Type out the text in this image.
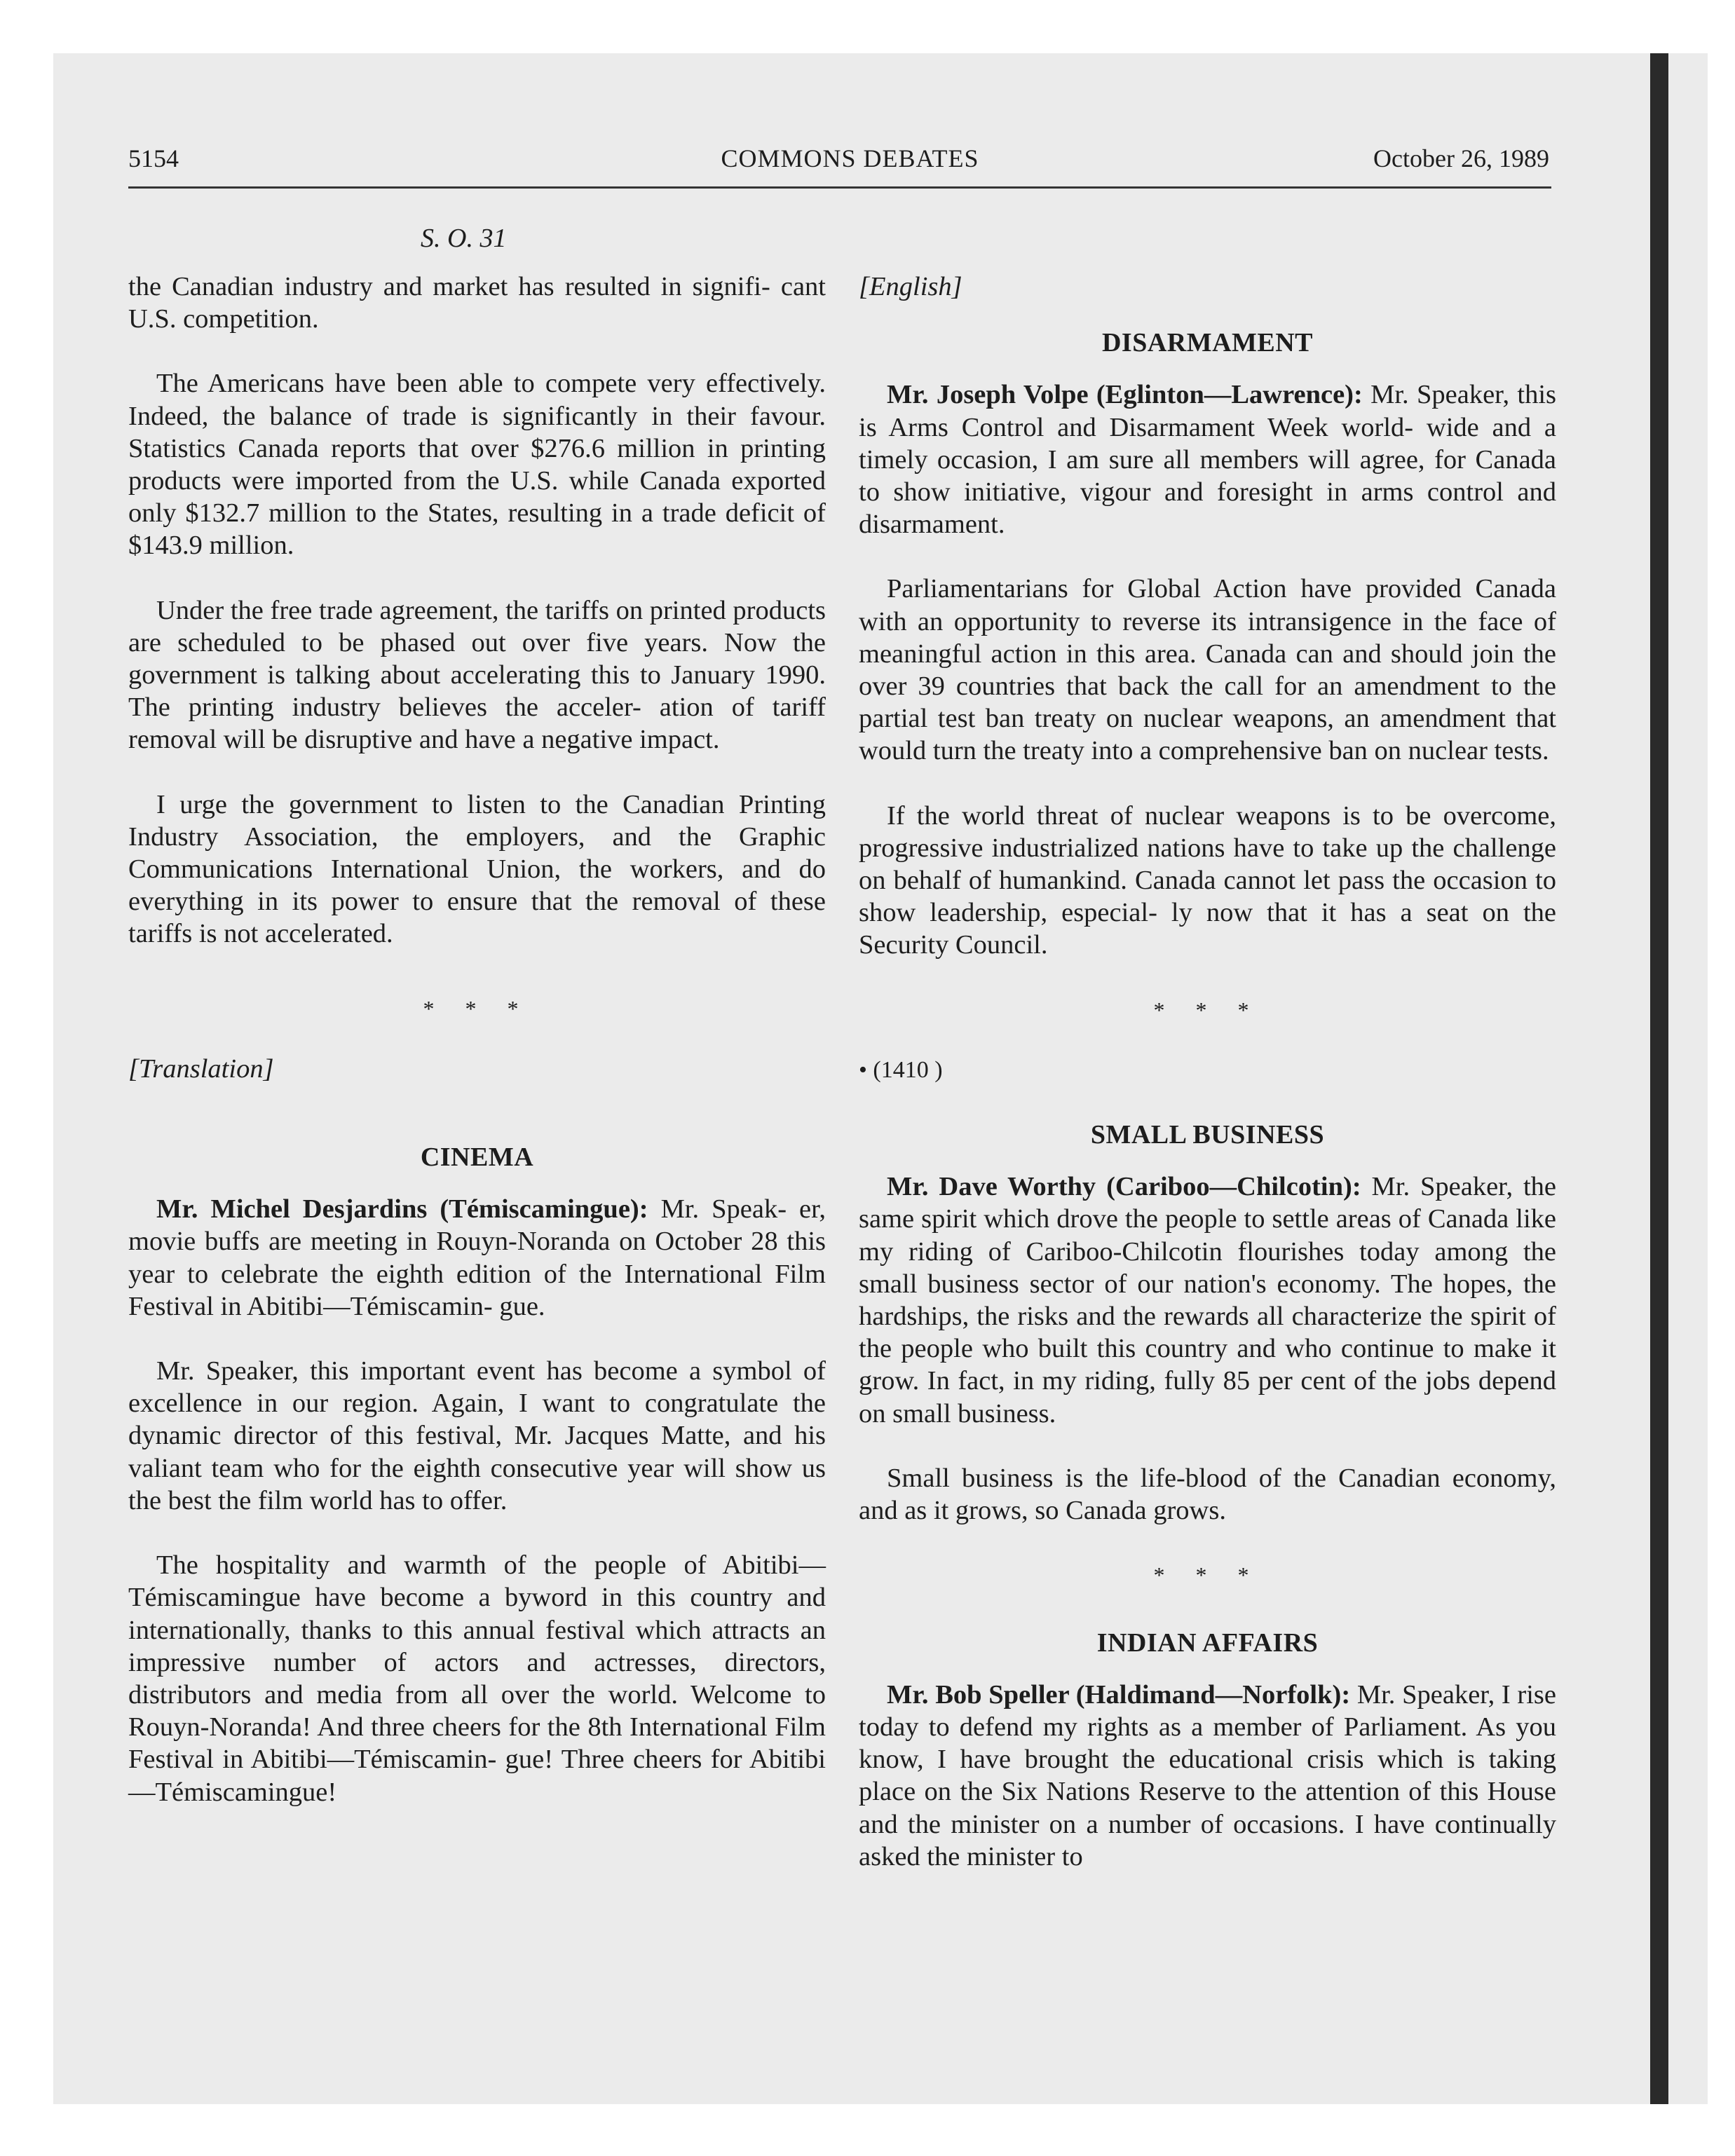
5154	COMMONS DEBATES	October 26, 1989
S. O. 31

the Canadian industry and market has resulted in signifi- cant U.S. competition.

The Americans have been able to compete very effectively. Indeed, the balance of trade is significantly in their favour. Statistics Canada reports that over $276.6 million in printing products were imported from the U.S. while Canada exported only $132.7 million to the States, resulting in a trade deficit of $143.9 million.

Under the free trade agreement, the tariffs on printed products are scheduled to be phased out over five years. Now the government is talking about accelerating this to January 1990. The printing industry believes the acceler- ation of tariff removal will be disruptive and have a negative impact.

I urge the government to listen to the Canadian Printing Industry Association, the employers, and the Graphic Communications International Union, the workers, and do everything in its power to ensure that the removal of these tariffs is not accelerated.

* * *

[Translation]

CINEMA

Mr. Michel Desjardins (Témiscamingue): Mr. Speak- er, movie buffs are meeting in Rouyn-Noranda on October 28 this year to celebrate the eighth edition of the International Film Festival in Abitibi—Témiscamin- gue.

Mr. Speaker, this important event has become a symbol of excellence in our region. Again, I want to congratulate the dynamic director of this festival, Mr. Jacques Matte, and his valiant team who for the eighth consecutive year will show us the best the film world has to offer.

The hospitality and warmth of the people of Abitibi— Témiscamingue have become a byword in this country and internationally, thanks to this annual festival which attracts an impressive number of actors and actresses, directors, distributors and media from all over the world. Welcome to Rouyn-Noranda! And three cheers for the 8th International Film Festival in Abitibi—Témiscamin- gue! Three cheers for Abitibi—Témiscamingue!

[English]

DISARMAMENT

Mr. Joseph Volpe (Eglinton—Lawrence): Mr. Speaker, this is Arms Control and Disarmament Week world- wide and a timely occasion, I am sure all members will agree, for Canada to show initiative, vigour and foresight in arms control and disarmament.

Parliamentarians for Global Action have provided Canada with an opportunity to reverse its intransigence in the face of meaningful action in this area. Canada can and should join the over 39 countries that back the call for an amendment to the partial test ban treaty on nuclear weapons, an amendment that would turn the treaty into a comprehensive ban on nuclear tests.

If the world threat of nuclear weapons is to be overcome, progressive industrialized nations have to take up the challenge on behalf of humankind. Canada cannot let pass the occasion to show leadership, especial- ly now that it has a seat on the Security Council.

* * *

• (1410 )

SMALL BUSINESS

Mr. Dave Worthy (Cariboo—Chilcotin): Mr. Speaker, the same spirit which drove the people to settle areas of Canada like my riding of Cariboo-Chilcotin flourishes today among the small business sector of our nation's economy. The hopes, the hardships, the risks and the rewards all characterize the spirit of the people who built this country and who continue to make it grow. In fact, in my riding, fully 85 per cent of the jobs depend on small business.

Small business is the life-blood of the Canadian economy, and as it grows, so Canada grows.

* * *

INDIAN AFFAIRS

Mr. Bob Speller (Haldimand—Norfolk): Mr. Speaker, I rise today to defend my rights as a member of Parliament. As you know, I have brought the educational crisis which is taking place on the Six Nations Reserve to the attention of this House and the minister on a number of occasions. I have continually asked the minister to
